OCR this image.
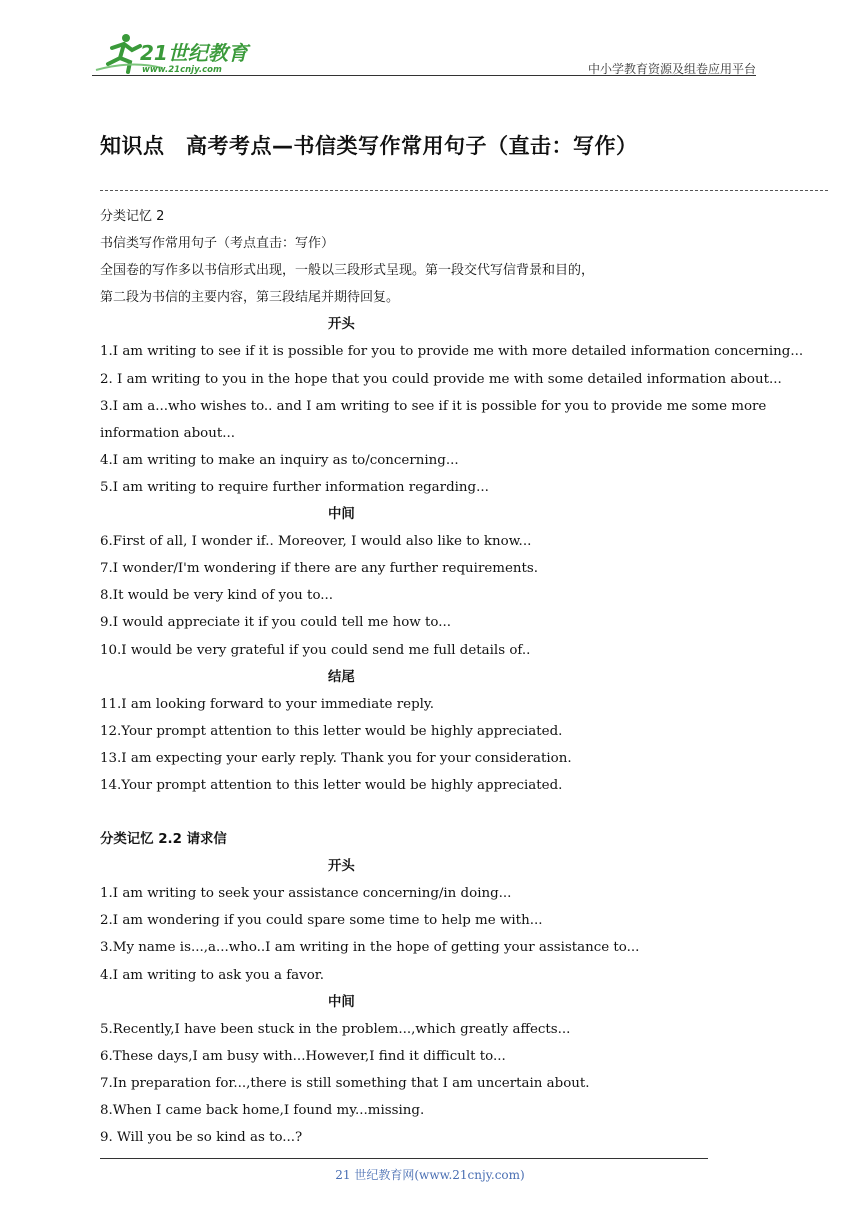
21世纪教育
www.21cnjy.com	中小学教育资源及组卷应用平台
知识点　高考考点—书信类写作常用句子（直击：写作）
分类记忆 2
书信类写作常用句子（考点直击：写作）
全国卷的写作多以书信形式出现，一般以三段形式呈现。第一段交代写信背景和目的，
第二段为书信的主要内容，第三段结尾并期待回复。
开头
1.I am writing to see if it is possible for you to provide me with more detailed information concerning...
2. I am writing to you in the hope that you could provide me with some detailed information about...
3.I am a...who wishes to.. and I am writing to see if it is possible for you to provide me some more
information about...
4.I am writing to make an inquiry as to/concerning...
5.I am writing to require further information regarding...
中间
6.First of all, I wonder if.. Moreover, I would also like to know...
7.I wonder/I'm wondering if there are any further requirements.
8.It would be very kind of you to...
9.I would appreciate it if you could tell me how to...
10.I would be very grateful if you could send me full details of..
结尾
11.I am looking forward to your immediate reply.
12.Your prompt attention to this letter would be highly appreciated.
13.I am expecting your early reply. Thank you for your consideration.
14.Your prompt attention to this letter would be highly appreciated.
分类记忆 2.2 请求信
开头
1.I am writing to seek your assistance concerning/in doing...
2.I am wondering if you could spare some time to help me with...
3.My name is...,a...who..I am writing in the hope of getting your assistance to...
4.I am writing to ask you a favor.
中间
5.Recently,I have been stuck in the problem...,which greatly affects...
6.These days,I am busy with...However,I find it difficult to...
7.In preparation for...,there is still something that I am uncertain about.
8.When I came back home,I found my...missing.
9. Will you be so kind as to...?
21 世纪教育网(www.21cnjy.com)
